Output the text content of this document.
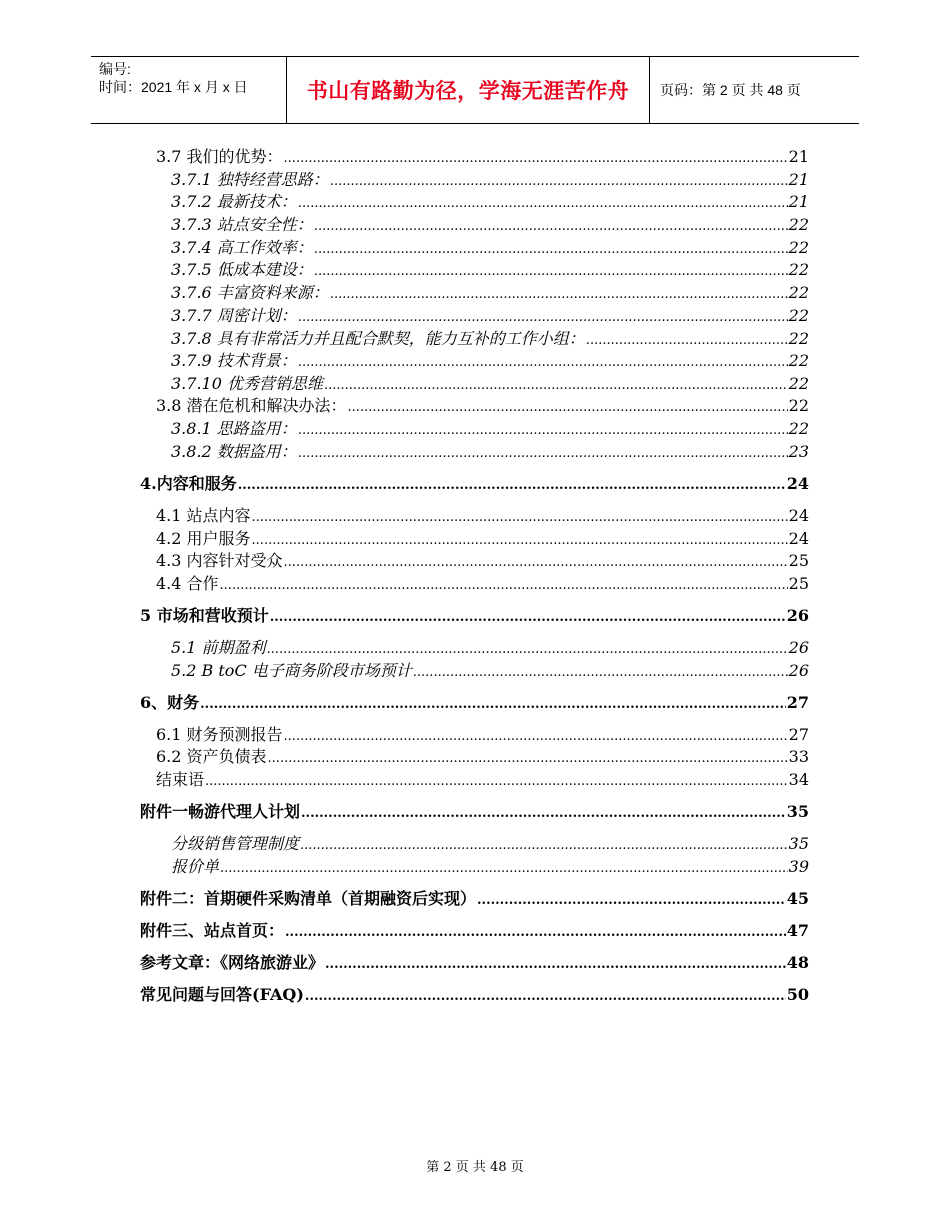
编号:
时间：2021 年 x 月 x 日	书山有路勤为径，学海无涯苦作舟 页码：第 2 页 共 48 页
3.7 我们的优势： .....	21
3.7.1 独特经营思路： .....	21
3.7.2 最新技术： .....	21
3.7.3 站点安全性： .....	22
3.7.4 高工作效率： .....	22
3.7.5 低成本建设： .....	22
3.7.6 丰富资料来源： .....	22
3.7.7 周密计划： .....	22
3.7.8 具有非常活力并且配合默契，能力互补的工作小组： .....	22
3.7.9 技术背景： .....	22
3.7.10 优秀营销思维 .....	22
3.8 潜在危机和解决办法： .....	22
3.8.1 思路盗用： .....	22
3.8.2 数据盗用： .....	23
4.内容和服务 .....	24
4.1 站点内容 .....	24
4.2 用户服务 .....	24
4.3 内容针对受众 .....	25
4.4 合作 .....	25
5 市场和营收预计 .....	26
5.1 前期盈利 .....	26
5.2 B toC 电子商务阶段市场预计 .....	26
6、财务 .....	27
6.1 财务预测报告 .....	27
6.2 资产负债表 .....	33
结束语 .....	34
附件一畅游代理人计划 .....	35
分级销售管理制度 .....	35
报价单 .....	39
附件二：首期硬件采购清单（首期融资后实现） .....	45
附件三、站点首页： .....	47
参考文章：《网络旅游业》 .....	48
常见问题与回答(FAQ) .....	50
第 2 页 共 48 页
